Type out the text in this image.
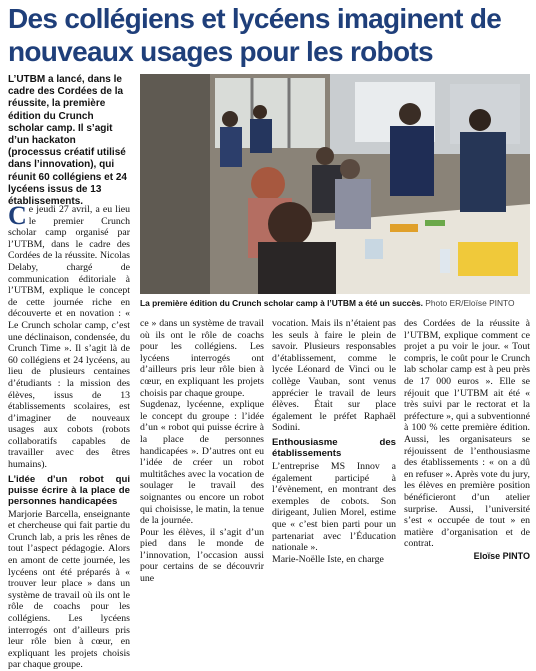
Des collégiens et lycéens imaginent de nouveaux usages pour les robots
L’UTBM a lancé, dans le cadre des Cordées de la réussite, la première édition du Crunch scholar camp. Il s’agit d’un hackaton (processus créatif utilisé dans l’innovation), qui réunit 60 collégiens et 24 lycéens issus de 13 établissements.
La première édition du Crunch scholar camp à l’UTBM a été un succès. Photo ER/Eloïse PINTO

Ce jeudi 27 avril, a eu lieu le premier Crunch scholar camp organisé par l’UTBM, dans le cadre des Cordées de la réussite. Nicolas Delaby, chargé de communication éditoriale à l’UTBM, explique le concept de cette journée riche en découverte et en novation : « Le Crunch scholar camp, c’est une déclinaison, condensée, du Crunch Time ». Il s’agit là de 60 collégiens et 24 lycéens, au lieu de plusieurs centaines d’étudiants : la mission des élèves, issus de 13 établissements scolaires, est d’imaginer de nouveaux usages aux cobots (robots collaboratifs capables de travailler avec des êtres humains).

L’idée d’un robot qui puisse écrire à la place de personnes handicapées

Marjorie Barcella, enseignante et chercheuse qui fait partie du Crunch lab, a pris les rênes de tout l’aspect pédagogie. Alors en amont de cette journée, les lycéens ont été préparés à « trouver leur place » dans un système de travail où ils ont le rôle de coachs pour les collégiens. Les lycéens interrogés ont d’ailleurs pris leur rôle bien à cœur, en expliquant les projets choisis par chaque groupe.

ce » dans un système de travail où ils ont le rôle de coachs pour les collégiens. Les lycéens interrogés ont d’ailleurs pris leur rôle bien à cœur, en expliquant les projets choisis par chaque groupe.

Sugdenaz, lycéenne, explique le concept du groupe : l’idée d’un « robot qui puisse écrire à la place de personnes handicapées ». D’autres ont eu l’idée de créer un robot multitâches avec la vocation de soulager le travail des soignantes ou encore un robot qui choisisse, le matin, la tenue de la journée.

Pour les élèves, il s’agit d’un pied dans le monde de l’innovation, l’occasion aussi pour certains de se découvrir une

vocation. Mais ils n’étaient pas les seuls à faire le plein de savoir. Plusieurs responsables d’établissement, comme le lycée Léonard de Vinci ou le collège Vauban, sont venus apprécier le travail de leurs élèves. Était sur place également le préfet Raphaël Sodini.

Enthousiasme des établissements

L’entreprise MS Innov a également participé à l’évènement, en montrant des exemples de cobots. Son dirigeant, Julien Morel, estime que « c’est bien parti pour un partenariat avec l’Éducation nationale ».

Marie-Noëlle Iste, en charge

des Cordées de la réussite à l’UTBM, explique comment ce projet a pu voir le jour. « Tout compris, le coût pour le Crunch lab scholar camp est à peu près de 17 000 euros ». Elle se réjouit que l’UTBM ait été « très suivi par le rectorat et la préfecture », qui a subventionné à 100 % cette première édition. Aussi, les organisateurs se réjouissent de l’enthousiasme des établissements : « on a dû en refuser ». Après vote du jury, les élèves en première position bénéficieront d’un atelier surprise. Aussi, l’université s’est « occupée de tout » en matière d’organisation et de contrat.

Eloïse PINTO
